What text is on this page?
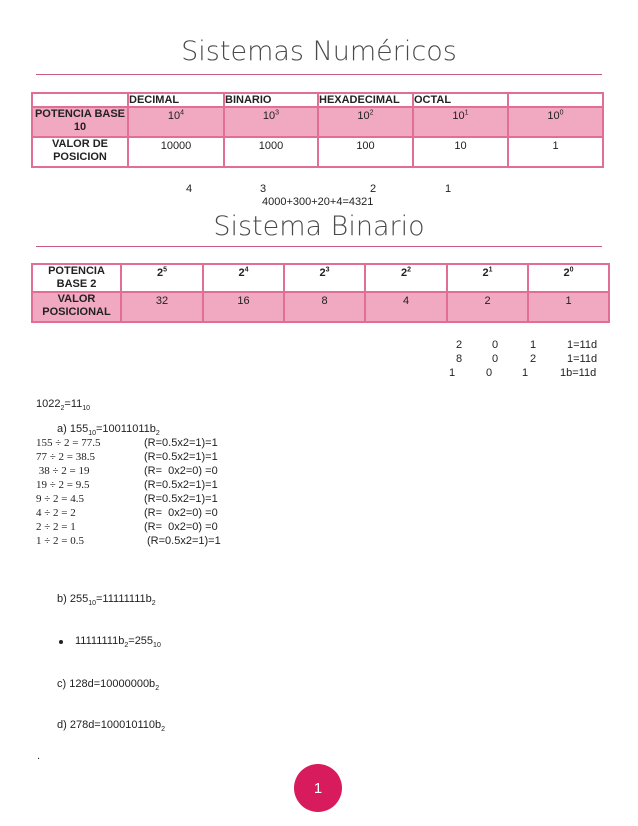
Sistemas Numéricos
	DECIMAL	BINARIO	HEXADECIMAL	OCTAL	
POTENCIA BASE 10	$10^4$	$10^3$	$10^2$	$10^1$	$10^0$
VALOR DE POSICION	10000	1000	100	10	1
4	3	2	1
4000+300+20+4=4321
Sistema Binario
POTENCIA BASE 2	$2^5$	$2^4$	$2^3$	$2^2$	$2^1$	$2^0$
VALOR POSICIONAL	32	16	8	4	2	1
2	0	1	1=11d
8	0	2	1=11d
1	0	1	1b=11d
$1022_2=11_{10}$
a) $155_{10}=10011011b_2$
155 ÷ 2 = 77.5	(R=0.5x2=1)=1
77 ÷ 2 = 38.5	(R=0.5x2=1)=1
38 ÷ 2 = 19	(R=  0x2=0) =0
19 ÷ 2 = 9.5	(R=0.5x2=1)=1
9 ÷ 2 = 4.5	(R=0.5x2=1)=1
4 ÷ 2 = 2	(R=  0x2=0) =0
2 ÷ 2 = 1	(R=  0x2=0) =0
1 ÷ 2 = 0.5	(R=0.5x2=1)=1
b) $255_{10}=11111111b_2$
$11111111b_2=255_{10}$
c) $128d=10000000b_2$
d) $278d=100010110b_2$
.
1
